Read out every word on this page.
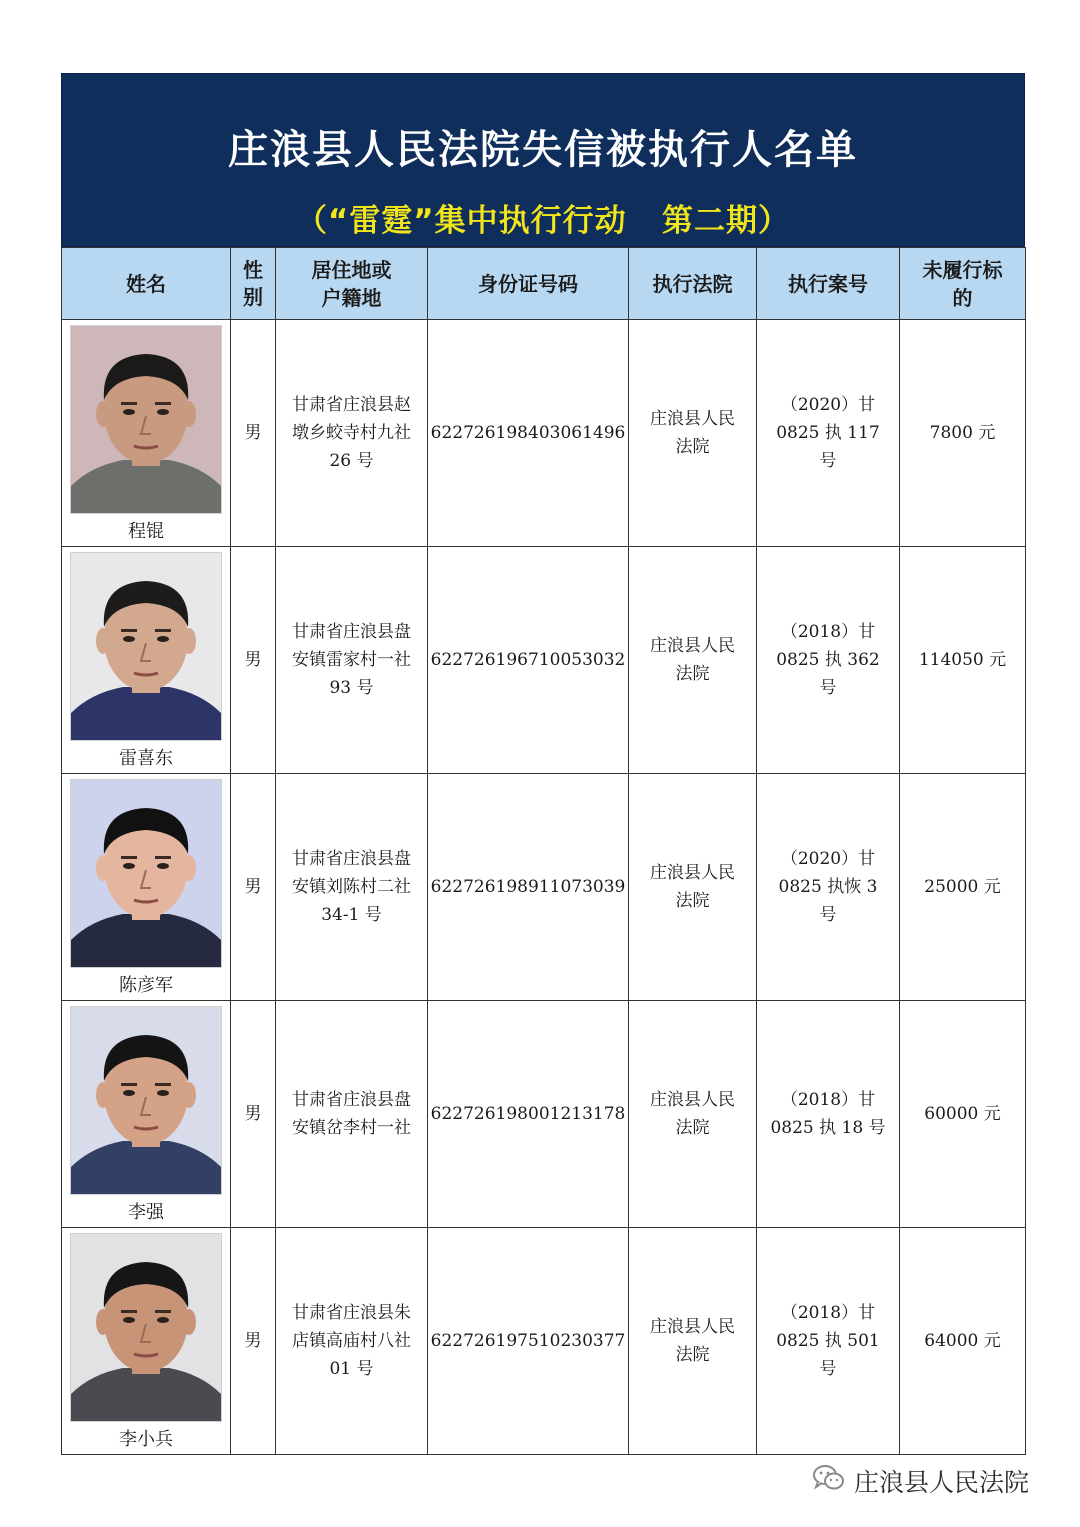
庄浪县人民法院失信被执行人名单
（“雷霆”集中执行行动   第二期）
姓名	性别	居住地或户籍地	身份证号码	执行法院	执行案号	未履行标的

程锟	男	甘肃省庄浪县赵墩乡蛟寺村九社 26 号	622726198403061496	庄浪县人民法院	（2020）甘 0825 执 117 号	7800 元

雷喜东	男	甘肃省庄浪县盘安镇雷家村一社 93 号	622726196710053032	庄浪县人民法院	（2018）甘 0825 执 362 号	114050 元

陈彦军	男	甘肃省庄浪县盘安镇刘陈村二社 34-1 号	622726198911073039	庄浪县人民法院	（2020）甘 0825 执恢 3 号	25000 元

李强	男	甘肃省庄浪县盘安镇岔李村一社	622726198001213178	庄浪县人民法院	（2018）甘 0825 执 18 号	60000 元

李小兵	男	甘肃省庄浪县朱店镇高庙村八社 01 号	622726197510230377	庄浪县人民法院	（2018）甘 0825 执 501 号	64000 元
庄浪县人民法院
